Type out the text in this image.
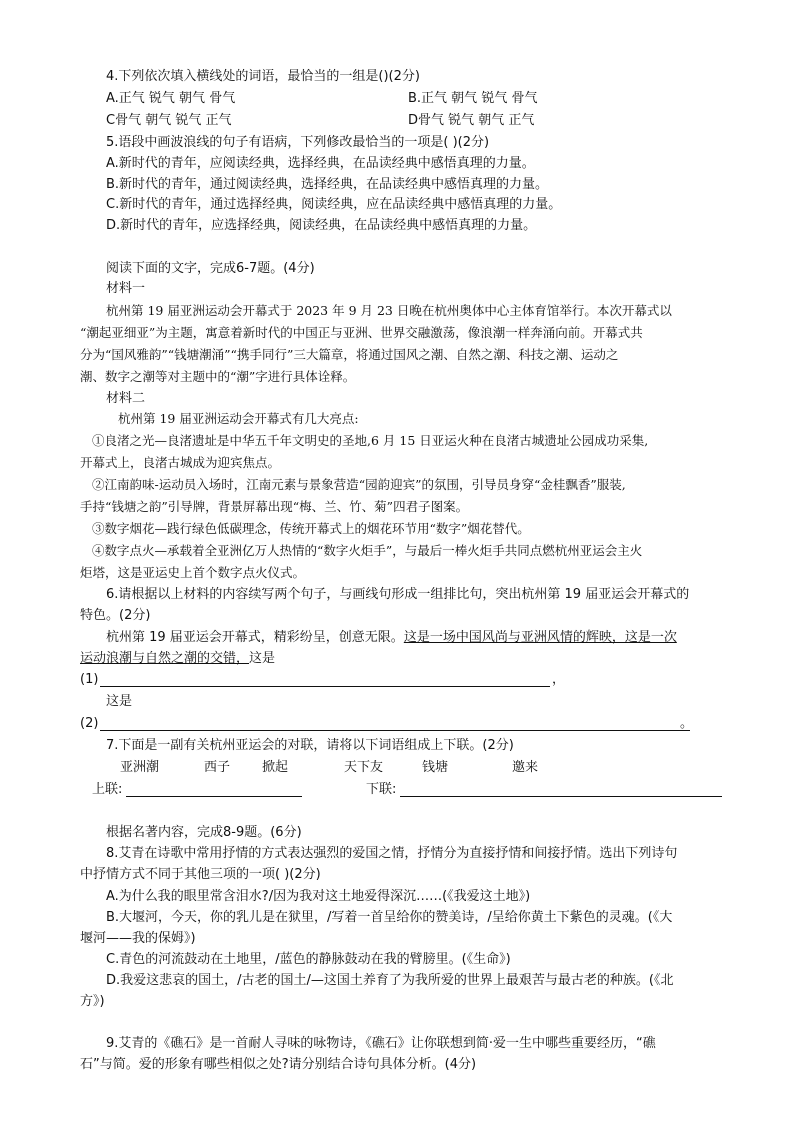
4.下列依次填入横线处的词语，最恰当的一组是()(2分)
A.正气 锐气 朝气 骨气	B.正气 朝气 锐气 骨气
C骨气 朝气 锐气 正气	D骨气 锐气 朝气 正气
5.语段中画波浪线的句子有语病，下列修改最恰当的一项是( )(2分)
A.新时代的青年，应阅读经典，选择经典，在品读经典中感悟真理的力量。
B.新时代的青年，通过阅读经典，选择经典，在品读经典中感悟真理的力量。
C.新时代的青年，通过选择经典，阅读经典，应在品读经典中感悟真理的力量。
D.新时代的青年，应选择经典，阅读经典，在品读经典中感悟真理的力量。
阅读下面的文字，完成6-7题。(4分)
材料一
杭州第 19 届亚洲运动会开幕式于 2023 年 9 月 23 日晚在杭州奥体中心主体育馆举行。本次开幕式以
“潮起亚细亚”为主题，寓意着新时代的中国正与亚洲、世界交融激荡，像浪潮一样奔涌向前。开幕式共
分为“国风雅韵”“钱塘潮涌”“携手同行”三大篇章，将通过国风之潮、自然之潮、科技之潮、运动之
潮、数字之潮等对主题中的“潮”字进行具体诠释。
材料二
杭州第 19 届亚洲运动会开幕式有几大亮点:
①良渚之光—良渚遗址是中华五千年文明史的圣地,6 月 15 日亚运火种在良渚古城遗址公园成功采集,
开幕式上，良渚古城成为迎宾焦点。
②江南韵味-运动员入场时，江南元素与景象营造“园韵迎宾”的氛围，引导员身穿“金桂飘香”服装,
手持“钱塘之韵”引导牌，背景屏幕出现“梅、兰、竹、菊”四君子图案。
③数字烟花—践行绿色低碳理念，传统开幕式上的烟花环节用“数字”烟花替代。
④数字点火—承载着全亚洲亿万人热情的“数字火炬手”，与最后一棒火炬手共同点燃杭州亚运会主火
炬塔，这是亚运史上首个数字点火仪式。
6.请根据以上材料的内容续写两个句子，与画线句形成一组排比句，突出杭州第 19 届亚运会开幕式的
特色。(2分)
杭州第 19 届亚运会开幕式，精彩纷呈，创意无限。这是一场中国风尚与亚洲风情的辉映，这是一次
运动浪潮与自然之潮的交错，这是
(1)	，
这是
(2)	。
7.下面是一副有关杭州亚运会的对联，请将以下词语组成上下联。(2分)
亚洲潮	西子 掀起	天下友	钱塘	邀来
上联:	下联:
根据名著内容，完成8-9题。(6分)
8.艾青在诗歌中常用抒情的方式表达强烈的爱国之情，抒情分为直接抒情和间接抒情。选出下列诗句
中抒情方式不同于其他三项的一项( )(2分)
A.为什么我的眼里常含泪水?/因为我对这土地爱得深沉……(《我爱这土地》)
B.大堰河，今天，你的乳儿是在狱里，/写着一首呈给你的赞美诗，/呈给你黄土下紫色的灵魂。(《大
堰河——我的保姆》)
C.青色的河流鼓动在土地里，/蓝色的静脉鼓动在我的臂膀里。(《生命》)
D.我爱这悲哀的国土，/古老的国土/—这国土养育了为我所爱的世界上最艰苦与最古老的种族。(《北
方》)
9.艾青的《礁石》是一首耐人寻味的咏物诗，《礁石》让你联想到简·爱一生中哪些重要经历，“礁
石”与简。爱的形象有哪些相似之处?请分别结合诗句具体分析。(4分)
